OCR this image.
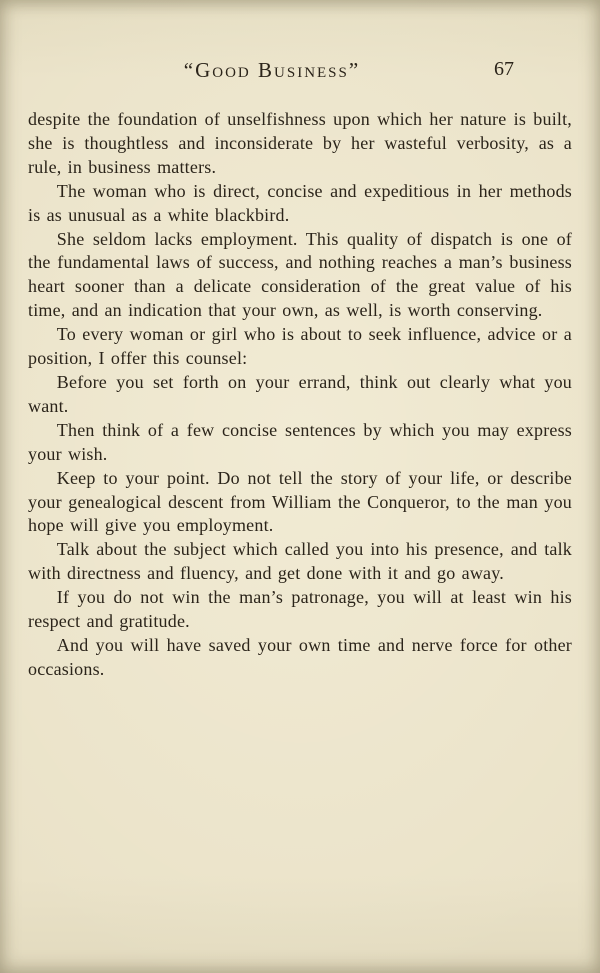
“Good Business”	67

despite the foundation of unselfishness upon which her nature is built, she is thoughtless and inconsiderate by her wasteful verbosity, as a rule, in business matters.

The woman who is direct, concise and expeditious in her methods is as unusual as a white blackbird.

She seldom lacks employment. This quality of dispatch is one of the fundamental laws of success, and nothing reaches a man’s business heart sooner than a delicate consideration of the great value of his time, and an indication that your own, as well, is worth conserving.

To every woman or girl who is about to seek influence, advice or a position, I offer this counsel:

Before you set forth on your errand, think out clearly what you want.

Then think of a few concise sentences by which you may express your wish.

Keep to your point. Do not tell the story of your life, or describe your genealogical descent from William the Conqueror, to the man you hope will give you employment.

Talk about the subject which called you into his presence, and talk with directness and fluency, and get done with it and go away.

If you do not win the man’s patronage, you will at least win his respect and gratitude.

And you will have saved your own time and nerve force for other occasions.
